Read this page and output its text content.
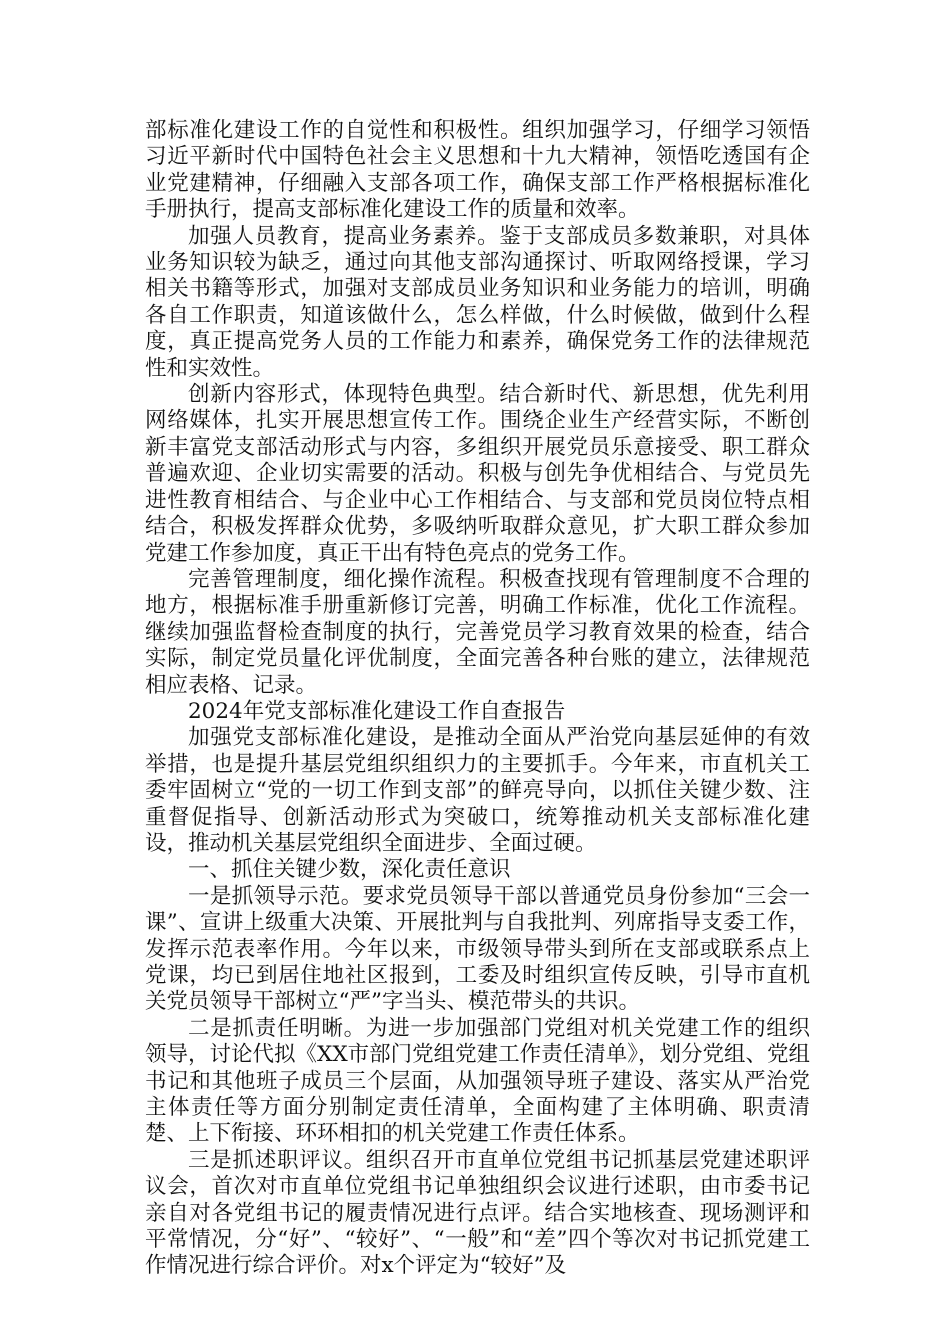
部标准化建设工作的自觉性和积极性。组织加强学习，仔细学习领悟习近平新时代中国特色社会主义思想和十九大精神，领悟吃透国有企业党建精神，仔细融入支部各项工作，确保支部工作严格根据标准化手册执行，提高支部标准化建设工作的质量和效率。

加强人员教育，提高业务素养。鉴于支部成员多数兼职，对具体业务知识较为缺乏，通过向其他支部沟通探讨、听取网络授课，学习相关书籍等形式，加强对支部成员业务知识和业务能力的培训，明确各自工作职责，知道该做什么，怎么样做，什么时候做，做到什么程度，真正提高党务人员的工作能力和素养，确保党务工作的法律规范性和实效性。

创新内容形式，体现特色典型。结合新时代、新思想，优先利用网络媒体，扎实开展思想宣传工作。围绕企业生产经营实际，不断创新丰富党支部活动形式与内容，多组织开展党员乐意接受、职工群众普遍欢迎、企业切实需要的活动。积极与创先争优相结合、与党员先进性教育相结合、与企业中心工作相结合、与支部和党员岗位特点相结合，积极发挥群众优势，多吸纳听取群众意见，扩大职工群众参加党建工作参加度，真正干出有特色亮点的党务工作。

完善管理制度，细化操作流程。积极查找现有管理制度不合理的地方，根据标准手册重新修订完善，明确工作标准，优化工作流程。继续加强监督检查制度的执行，完善党员学习教育效果的检查，结合实际，制定党员量化评优制度，全面完善各种台账的建立，法律规范相应表格、记录。

2024年党支部标准化建设工作自查报告

加强党支部标准化建设，是推动全面从严治党向基层延伸的有效举措，也是提升基层党组织组织力的主要抓手。今年来，市直机关工委牢固树立“党的一切工作到支部”的鲜亮导向，以抓住关键少数、注重督促指导、创新活动形式为突破口，统筹推动机关支部标准化建设，推动机关基层党组织全面进步、全面过硬。

一、抓住关键少数，深化责任意识

一是抓领导示范。要求党员领导干部以普通党员身份参加“三会一课”、宣讲上级重大决策、开展批判与自我批判、列席指导支委工作，发挥示范表率作用。今年以来，市级领导带头到所在支部或联系点上党课，均已到居住地社区报到，工委及时组织宣传反映，引导市直机关党员领导干部树立“严”字当头、模范带头的共识。

二是抓责任明晰。为进一步加强部门党组对机关党建工作的组织领导，讨论代拟《XX市部门党组党建工作责任清单》，划分党组、党组书记和其他班子成员三个层面，从加强领导班子建设、落实从严治党主体责任等方面分别制定责任清单，全面构建了主体明确、职责清楚、上下衔接、环环相扣的机关党建工作责任体系。

三是抓述职评议。组织召开市直单位党组书记抓基层党建述职评议会，首次对市直单位党组书记单独组织会议进行述职，由市委书记亲自对各党组书记的履责情况进行点评。结合实地核查、现场测评和平常情况，分“好”、“较好”、“一般”和“差”四个等次对书记抓党建工作情况进行综合评价。对x个评定为“较好”及
